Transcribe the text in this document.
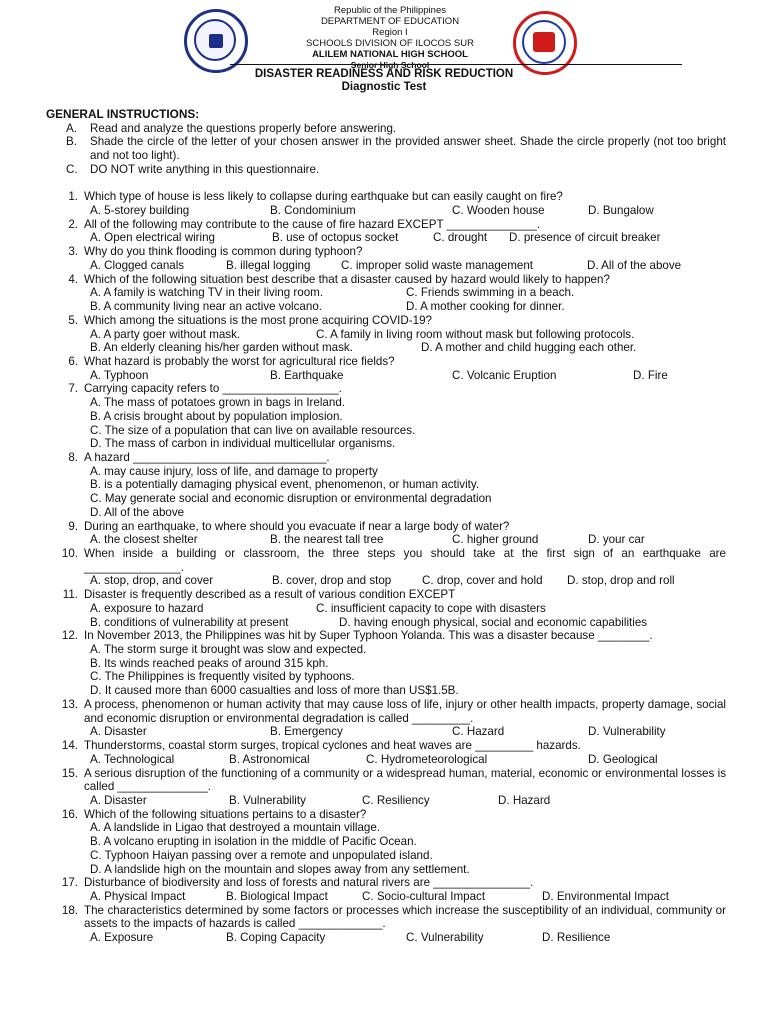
Republic of the Philippines
DEPARTMENT OF EDUCATION
Region I
SCHOOLS DIVISION OF ILOCOS SUR
ALILEM NATIONAL HIGH SCHOOL
Senior High School
DISASTER READINESS AND RISK REDUCTION
Diagnostic Test
GENERAL INSTRUCTIONS:
A. Read and analyze the questions properly before answering.
B. Shade the circle of the letter of your chosen answer in the provided answer sheet. Shade the circle properly (not too bright and not too light).
C. DO NOT write anything in this questionnaire.
1. Which type of house is less likely to collapse during earthquake but can easily caught on fire?
A. 5-storey building	B. Condominium	C. Wooden house	D. Bungalow
2. All of the following may contribute to the cause of fire hazard EXCEPT ______________.
A. Open electrical wiring	B. use of octopus socket	C. drought D. presence of circuit breaker
3. Why do you think flooding is common during typhoon?
A. Clogged canals	B. illegal logging	C. improper solid waste management	D. All of the above
4. Which of the following situation best describe that a disaster caused by hazard would likely to happen?
A. A family is watching TV in their living room.	C. Friends swimming in a beach.
B. A community living near an active volcano.	D. A mother cooking for dinner.
5. Which among the situations is the most prone acquiring COVID-19?
A. A party goer without mask.	C. A family in living room without mask but following protocols.
B. An elderly cleaning his/her garden without mask.	D. A mother and child hugging each other.
6. What hazard is probably the worst for agricultural rice fields?
A. Typhoon	B. Earthquake	C. Volcanic Eruption	D. Fire
7. Carrying capacity refers to __________________.
A. The mass of potatoes grown in bags in Ireland.
B. A crisis brought about by population implosion.
C. The size of a population that can live on available resources.
D. The mass of carbon in individual multicellular organisms.
8. A hazard ______________________________.
A. may cause injury, loss of life, and damage to property
B. is a potentially damaging physical event, phenomenon, or human activity.
C. May generate social and economic disruption or environmental degradation
D. All of the above
9. During an earthquake, to where should you evacuate if near a large body of water?
A. the closest shelter	B. the nearest tall tree	C. higher ground	D. your car
10. When inside a building or classroom, the three steps you should take at the first sign of an earthquake are _______________.
A. stop, drop, and cover	B. cover, drop and stop	C. drop, cover and hold D. stop, drop and roll
11. Disaster is frequently described as a result of various condition EXCEPT
A. exposure to hazard	C. insufficient capacity to cope with disasters
B. conditions of vulnerability at present	D. having enough physical, social and economic capabilities
12. In November 2013, the Philippines was hit by Super Typhoon Yolanda. This was a disaster because ________.
A. The storm surge it brought was slow and expected.
B. Its winds reached peaks of around 315 kph.
C. The Philippines is frequently visited by typhoons.
D. It caused more than 6000 casualties and loss of more than US$1.5B.
13. A process, phenomenon or human activity that may cause loss of life, injury or other health impacts, property damage, social and economic disruption or environmental degradation is called _________.
A. Disaster	B. Emergency	C. Hazard	D. Vulnerability
14. Thunderstorms, coastal storm surges, tropical cyclones and heat waves are _________ hazards.
A. Technological	B. Astronomical	C. Hydrometeorological	D. Geological
15. A serious disruption of the functioning of a community or a widespread human, material, economic or environmental losses is called ______________.
A. Disaster	B. Vulnerability	C. Resiliency	D. Hazard
16. Which of the following situations pertains to a disaster?
A. A landslide in Ligao that destroyed a mountain village.
B. A volcano erupting in isolation in the middle of Pacific Ocean.
C. Typhoon Haiyan passing over a remote and unpopulated island.
D. A landslide high on the mountain and slopes away from any settlement.
17. Disturbance of biodiversity and loss of forests and natural rivers are _______________.
A. Physical Impact	B. Biological Impact	C. Socio-cultural Impact	D. Environmental Impact
18. The characteristics determined by some factors or processes which increase the susceptibility of an individual, community or assets to the impacts of hazards is called _____________.
A. Exposure	B. Coping Capacity	C. Vulnerability	D. Resilience
